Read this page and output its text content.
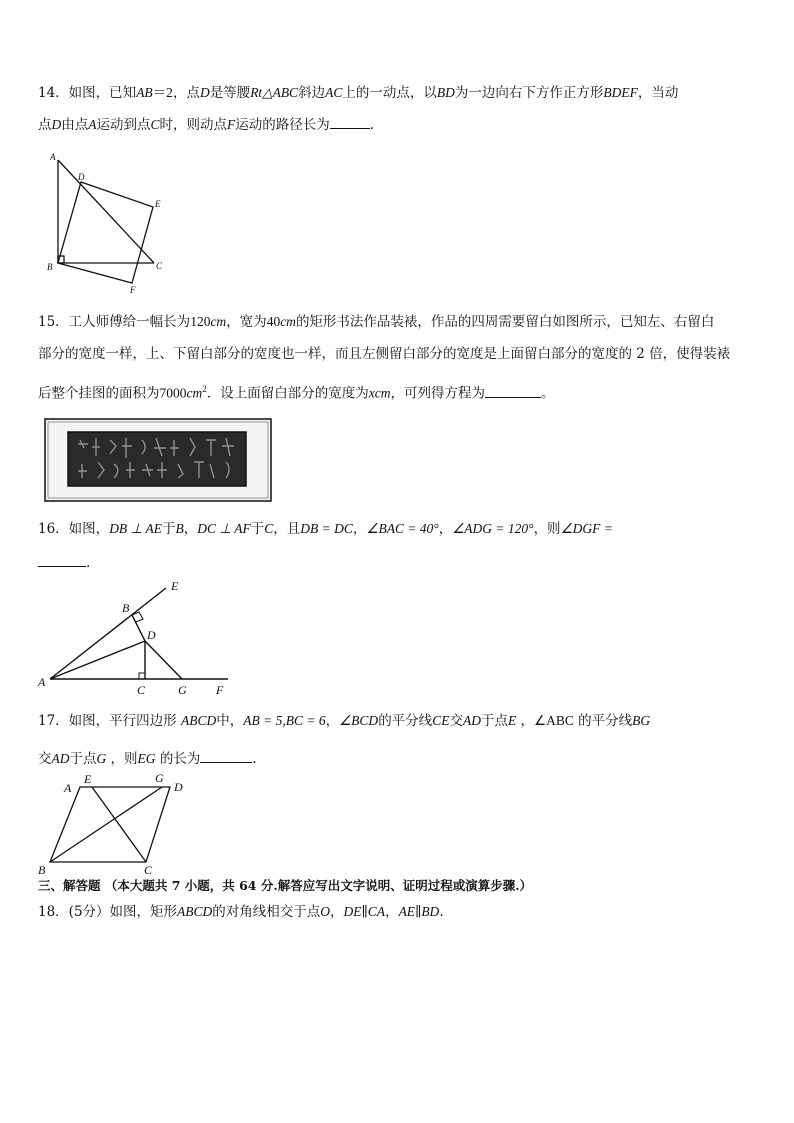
14．如图，已知AB＝2，点D是等腰Rt△ABC斜边AC上的一动点，以BD为一边向右下方作正方形BDEF，当动
点D由点A运动到点C时，则动点F运动的路径长为	.
A
D
E
B	C
F
15．工人师傅给一幅长为120cm，宽为40cm的矩形书法作品装裱，作品的四周需要留白如图所示，已知左、右留白
部分的宽度一样，上、下留白部分的宽度也一样，而且左侧留白部分的宽度是上面留白部分的宽度的 2 倍，使得装裱
后整个挂图的面积为$7000cm^2$．设上面留白部分的宽度为xcm，可列得方程为	。
16．如图，DB ⊥ AE于B，DC ⊥ AF于C，且DB = DC，∠BAC = 40°，∠ADG = 120°，则∠DGF =
.
E
B
D
A
C	G F
17．如图，平行四边形 ABCD中，AB = 5,BC = 6，∠BCD的平分线CE交AD于点E ，∠ABC 的平分线BG
交AD于点G ，则EG 的长为	.
A
E	G
D
B	C
三、解答题 （本大题共 7 小题，共 64 分.解答应写出文字说明、证明过程或演算步骤.）
18．(5分）如图，矩形ABCD的对角线相交于点O，DE∥CA，AE∥BD.
